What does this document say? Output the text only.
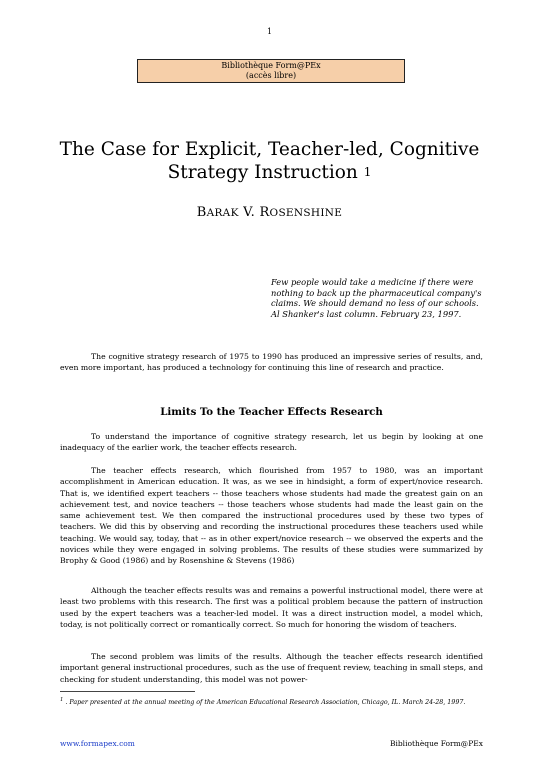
1
Bibliothèque Form@PEx
(accès libre)
The Case for Explicit, Teacher-led, Cognitive
Strategy Instruction $^1$
BARAK V. ROSENSHINE
Few people would take a medicine if there were nothing to back up the pharmaceutical company's claims. We should demand no less of our schools.
Al Shanker's last column. February 23, 1997.
The cognitive strategy research of 1975 to 1990 has produced an impressive series of results, and, even more important, has produced a technology for continuing this line of research and practice.
Limits To the Teacher Effects Research
To understand the importance of cognitive strategy research, let us begin by looking at one inadequacy of the earlier work, the teacher effects research.
The teacher effects research, which flourished from 1957 to 1980, was an important accomplishment in American education. It was, as we see in hindsight, a form of expert/novice research. That is, we identified expert teachers -- those teachers whose students had made the greatest gain on an achievement test, and novice teachers -- those teachers whose students had made the least gain on the same achievement test. We then compared the instructional procedures used by these two types of teachers. We did this by observing and recording the instructional procedures these teachers used while teaching. We would say, today, that -- as in other expert/novice research -- we observed the experts and the novices while they were engaged in solving problems. The results of these studies were summarized by Brophy & Good (1986) and by Rosenshine & Stevens (1986)
Although the teacher effects results was and remains a powerful instructional model, there were at least two problems with this research. The first was a political problem because the pattern of instruction used by the expert teachers was a teacher-led model. It was a direct instruction model, a model which, today, is not politically correct or romantically correct. So much for honoring the wisdom of teachers.
The second problem was limits of the results. Although the teacher effects research identified important general instructional procedures, such as the use of frequent review, teaching in small steps, and checking for student understanding, this model was not power-
$^1$ . Paper presented at the annual meeting of the American Educational Research Association, Chicago, IL. March 24-28, 1997.
www.formapex.com	Bibliothèque Form@PEx
